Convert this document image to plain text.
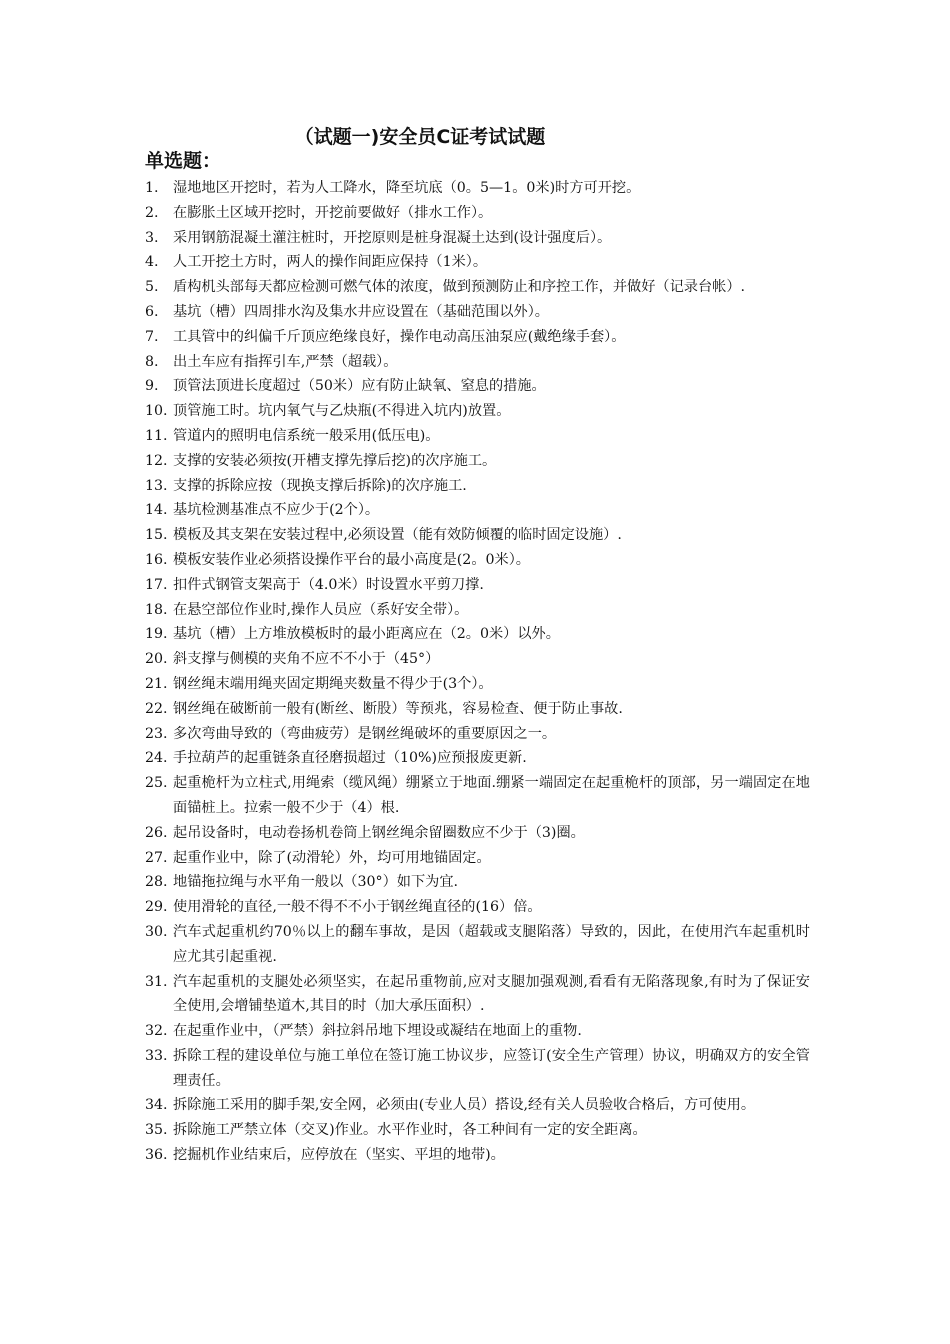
（试题一)安全员C证考试试题
单选题：
1.	湿地地区开挖时，若为人工降水，降至坑底（0。5—1。0米)时方可开挖。
2.	在膨胀土区域开挖时，开挖前要做好（排水工作）。
3.	采用钢筋混凝土灌注桩时，开挖原则是桩身混凝土达到(设计强度后）。
4.	人工开挖土方时，两人的操作间距应保持（1米）。
5.	盾构机头部每天都应检测可燃气体的浓度，做到预测防止和序控工作，并做好（记录台帐）.
6.	基坑（槽）四周排水沟及集水井应设置在（基础范围以外）。
7.	工具管中的纠偏千斤顶应绝缘良好，操作电动高压油泵应(戴绝缘手套）。
8.	出土车应有指挥引车,严禁（超载）。
9.	顶管法顶进长度超过（50米）应有防止缺氧、窒息的措施。
10. 顶管施工时。坑内氧气与乙炔瓶(不得进入坑内)放置。
11. 管道内的照明电信系统一般采用(低压电)。
12. 支撑的安装必须按(开槽支撑先撑后挖)的次序施工。
13. 支撑的拆除应按（现换支撑后拆除)的次序施工.
14. 基坑检测基准点不应少于(2个）。
15. 模板及其支架在安装过程中,必须设置（能有效防倾覆的临时固定设施）.
16. 模板安装作业必须搭设操作平台的最小高度是(2。0米）。
17. 扣件式钢管支架高于（4.0米）时设置水平剪刀撑.
18. 在悬空部位作业时,操作人员应（系好安全带）。
19. 基坑（槽）上方堆放模板时的最小距离应在（2。0米）以外。
20. 斜支撑与侧模的夹角不应不不小于（45°）
21. 钢丝绳末端用绳夹固定期绳夹数量不得少于(3个）。
22. 钢丝绳在破断前一般有(断丝、断股）等预兆，容易检查、便于防止事故.
23. 多次弯曲导致的（弯曲疲劳）是钢丝绳破坏的重要原因之一。
24. 手拉葫芦的起重链条直径磨损超过（10%)应预报废更新.
25. 起重桅杆为立柱式,用绳索（缆风绳）绷紧立于地面.绷紧一端固定在起重桅杆的顶部，另一端固定在地面锚桩上。拉索一般不少于（4）根.
26. 起吊设备时，电动卷扬机卷筒上钢丝绳余留圈数应不少于（3)圈。
27. 起重作业中，除了(动滑轮）外，均可用地锚固定。
28. 地锚拖拉绳与水平角一般以（30°）如下为宜.
29. 使用滑轮的直径,一般不得不不小于钢丝绳直径的(16）倍。
30. 汽车式起重机约70％以上的翻车事故，是因（超载或支腿陷落）导致的，因此，在使用汽车起重机时应尤其引起重视.
31. 汽车起重机的支腿处必须坚实，在起吊重物前,应对支腿加强观测,看看有无陷落现象,有时为了保证安全使用,会增铺垫道木,其目的时（加大承压面积）.
32. 在起重作业中，（严禁）斜拉斜吊地下埋设或凝结在地面上的重物.
33. 拆除工程的建设单位与施工单位在签订施工协议步，应签订(安全生产管理）协议，明确双方的安全管理责任。
34. 拆除施工采用的脚手架,安全网，必须由(专业人员）搭设,经有关人员验收合格后，方可使用。
35. 拆除施工严禁立体（交叉)作业。水平作业时，各工种间有一定的安全距离。
36. 挖掘机作业结束后，应停放在（坚实、平坦的地带)。
